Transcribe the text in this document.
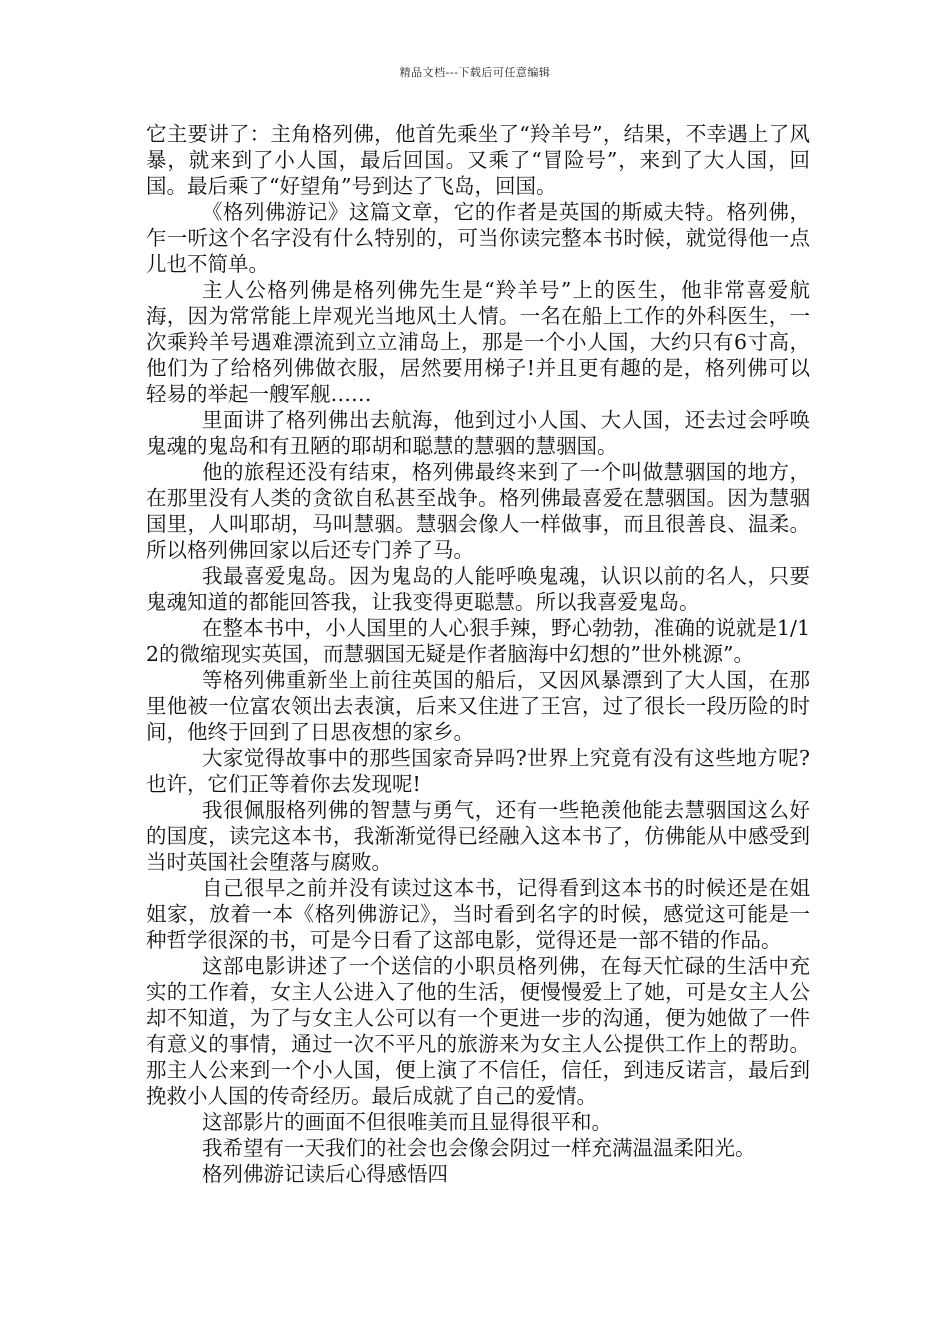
精品文档---下载后可任意编辑

它主要讲了：主角格列佛，他首先乘坐了“羚羊号”，结果，不幸遇上了风暴，就来到了小人国，最后回国。又乘了“冒险号”，来到了大人国，回国。最后乘了“好望角”号到达了飞岛，回国。

《格列佛游记》这篇文章，它的作者是英国的斯威夫特。格列佛，乍一听这个名字没有什么特别的，可当你读完整本书时候，就觉得他一点儿也不简单。

主人公格列佛是格列佛先生是“羚羊号”上的医生，他非常喜爱航海，因为常常能上岸观光当地风土人情。一名在船上工作的外科医生，一次乘羚羊号遇难漂流到立立浦岛上，那是一个小人国，大约只有6寸高，他们为了给格列佛做衣服，居然要用梯子!并且更有趣的是，格列佛可以轻易的举起一艘军舰……

里面讲了格列佛出去航海，他到过小人国、大人国，还去过会呼唤鬼魂的鬼岛和有丑陋的耶胡和聪慧的慧骃的慧骃国。

他的旅程还没有结束，格列佛最终来到了一个叫做慧骃国的地方，在那里没有人类的贪欲自私甚至战争。格列佛最喜爱在慧骃国。因为慧骃国里，人叫耶胡，马叫慧骃。慧骃会像人一样做事，而且很善良、温柔。所以格列佛回家以后还专门养了马。

我最喜爱鬼岛。因为鬼岛的人能呼唤鬼魂，认识以前的名人，只要鬼魂知道的都能回答我，让我变得更聪慧。所以我喜爱鬼岛。

在整本书中，小人国里的人心狠手辣，野心勃勃，准确的说就是1/12的微缩现实英国，而慧骃国无疑是作者脑海中幻想的”世外桃源”。

等格列佛重新坐上前往英国的船后，又因风暴漂到了大人国，在那里他被一位富农领出去表演，后来又住进了王宫，过了很长一段历险的时间，他终于回到了日思夜想的家乡。

大家觉得故事中的那些国家奇异吗?世界上究竟有没有这些地方呢? 也许，它们正等着你去发现呢!

我很佩服格列佛的智慧与勇气，还有一些艳羡他能去慧骃国这么好的国度，读完这本书，我渐渐觉得已经融入这本书了，仿佛能从中感受到当时英国社会堕落与腐败。

自己很早之前并没有读过这本书，记得看到这本书的时候还是在姐姐家，放着一本《格列佛游记》，当时看到名字的时候，感觉这可能是一种哲学很深的书，可是今日看了这部电影，觉得还是一部不错的作品。

这部电影讲述了一个送信的小职员格列佛，在每天忙碌的生活中充实的工作着，女主人公进入了他的生活，便慢慢爱上了她，可是女主人公却不知道，为了与女主人公可以有一个更进一步的沟通，便为她做了一件有意义的事情，通过一次不平凡的旅游来为女主人公提供工作上的帮助。那主人公来到一个小人国，便上演了不信任，信任，到违反诺言，最后到挽救小人国的传奇经历。最后成就了自己的爱情。

这部影片的画面不但很唯美而且显得很平和。

我希望有一天我们的社会也会像会阴过一样充满温温柔阳光。

格列佛游记读后心得感悟四
